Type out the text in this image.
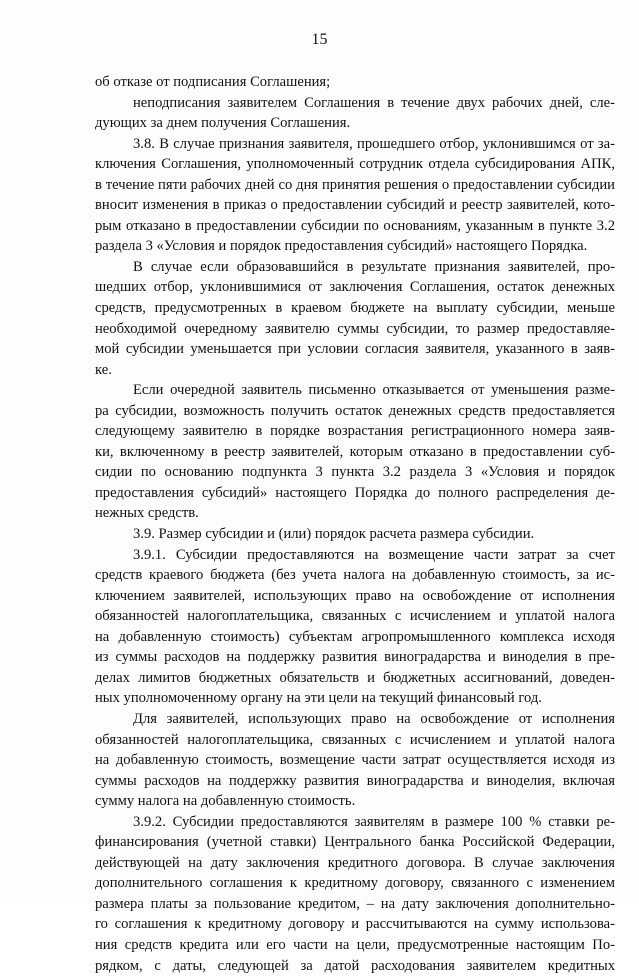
15
об отказе от подписания Соглашения;
неподписания заявителем Соглашения в течение двух рабочих дней, сле-
дующих за днем получения Соглашения.
3.8. В случае признания заявителя, прошедшего отбор, уклонившимся от за-
ключения Соглашения, уполномоченный сотрудник отдела субсидирования АПК,
в течение пяти рабочих дней со дня принятия решения о предоставлении субсидии
вносит изменения в приказ о предоставлении субсидий и реестр заявителей, кото-
рым отказано в предоставлении субсидии по основаниям, указанным в пункте 3.2
раздела 3 «Условия и порядок предоставления субсидий» настоящего Порядка.
В случае если образовавшийся в результате признания заявителей, про-
шедших отбор, уклонившимися от заключения Соглашения, остаток денежных
средств, предусмотренных в краевом бюджете на выплату субсидии, меньше
необходимой очередному заявителю суммы субсидии, то размер предоставляе-
мой субсидии уменьшается при условии согласия заявителя, указанного в заяв-
ке.
Если очередной заявитель письменно отказывается от уменьшения разме-
ра субсидии, возможность получить остаток денежных средств предоставляется
следующему заявителю в порядке возрастания регистрационного номера заяв-
ки, включенному в реестр заявителей, которым отказано в предоставлении суб-
сидии по основанию подпункта 3 пункта 3.2 раздела 3 «Условия и порядок
предоставления субсидий» настоящего Порядка до полного распределения де-
нежных средств.
3.9. Размер субсидии и (или) порядок расчета размера субсидии.
3.9.1. Субсидии предоставляются на возмещение части затрат за счет
средств краевого бюджета (без учета налога на добавленную стоимость, за ис-
ключением заявителей, использующих право на освобождение от исполнения
обязанностей налогоплательщика, связанных с исчислением и уплатой налога
на добавленную стоимость) субъектам агропромышленного комплекса исходя
из суммы расходов на поддержку развития виноградарства и виноделия в пре-
делах лимитов бюджетных обязательств и бюджетных ассигнований, доведен-
ных уполномоченному органу на эти цели на текущий финансовый год.
Для заявителей, использующих право на освобождение от исполнения
обязанностей налогоплательщика, связанных с исчислением и уплатой налога
на добавленную стоимость, возмещение части затрат осуществляется исходя из
суммы расходов на поддержку развития виноградарства и виноделия, включая
сумму налога на добавленную стоимость.
3.9.2. Субсидии предоставляются заявителям в размере 100 % ставки ре-
финансирования (учетной ставки) Центрального банка Российской Федерации,
действующей на дату заключения кредитного договора. В случае заключения
дополнительного соглашения к кредитному договору, связанного с изменением
размера платы за пользование кредитом, – на дату заключения дополнительно-
го соглашения к кредитному договору и рассчитываются на сумму использова-
ния средств кредита или его части на цели, предусмотренные настоящим По-
рядком, с даты, следующей за датой расходования заявителем кредитных
